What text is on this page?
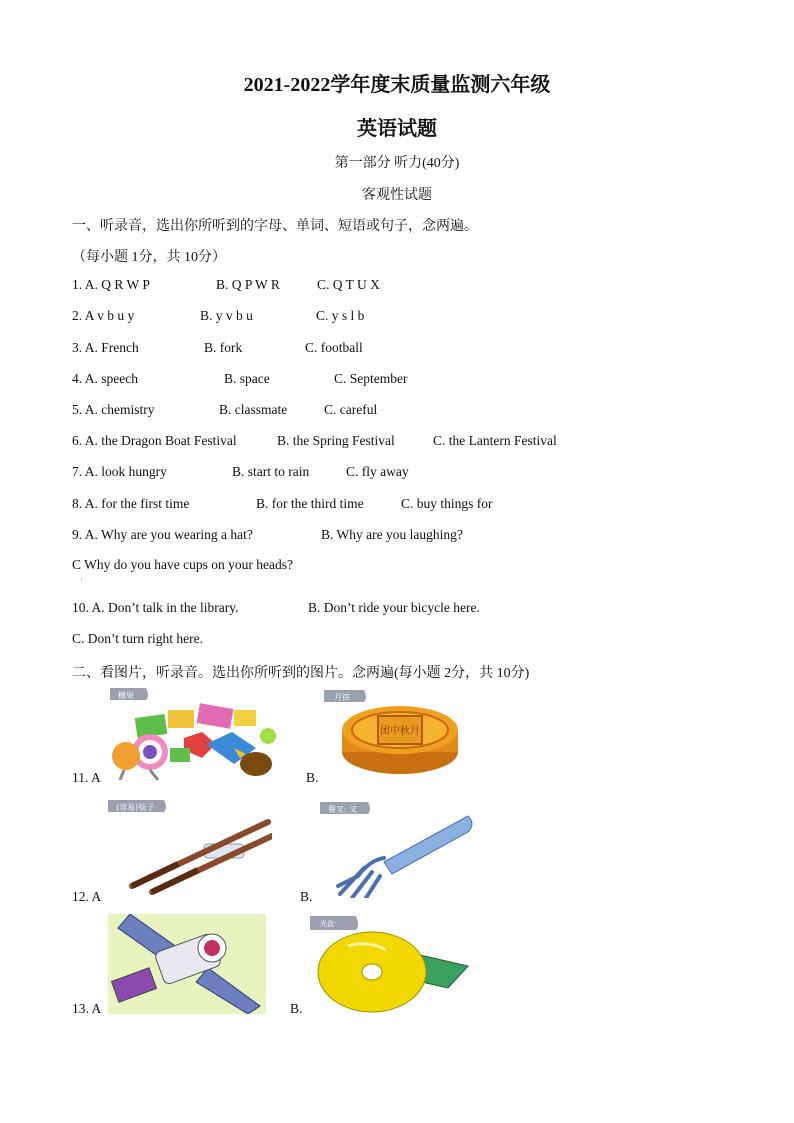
2021-2022学年度末质量监测六年级
英语试题
第一部分 听力(40分)
客观性试题
一、听录音，选出你所听到的字母、单词、短语或句子，念两遍。
（每小题 1分，共 10分）
1. A. Q R W P	B. Q P W R	C. Q T U X
2. A v b u y	B. y v b u	C. y s l b
3. A. French	B. fork	C. football
4. A. speech	B. space	C. September
5. A. chemistry	B. classmate	C. careful
6. A. the Dragon Boat Festival	B. the Spring Festival	C. the Lantern Festival
7. A. look hungry	B. start to rain	C. fly away
8. A. for the first time	B. for the third time	C. buy things for
9. A. Why are you wearing a hat?	B. Why are you laughing?
C Why do you have cups on your heads?
·
10. A. Don’t talk in the library.	B. Don’t ride your bicycle here.
C. Don’t turn right here.
二、看图片，听录音。选出你所听到的图片。念两遍(每小题 2分，共 10分)
11. A
糖果
B.
月饼
团中秋月
12. A
(容易)筷子
B.
餐叉: 叉
13. A	B.
光盘
